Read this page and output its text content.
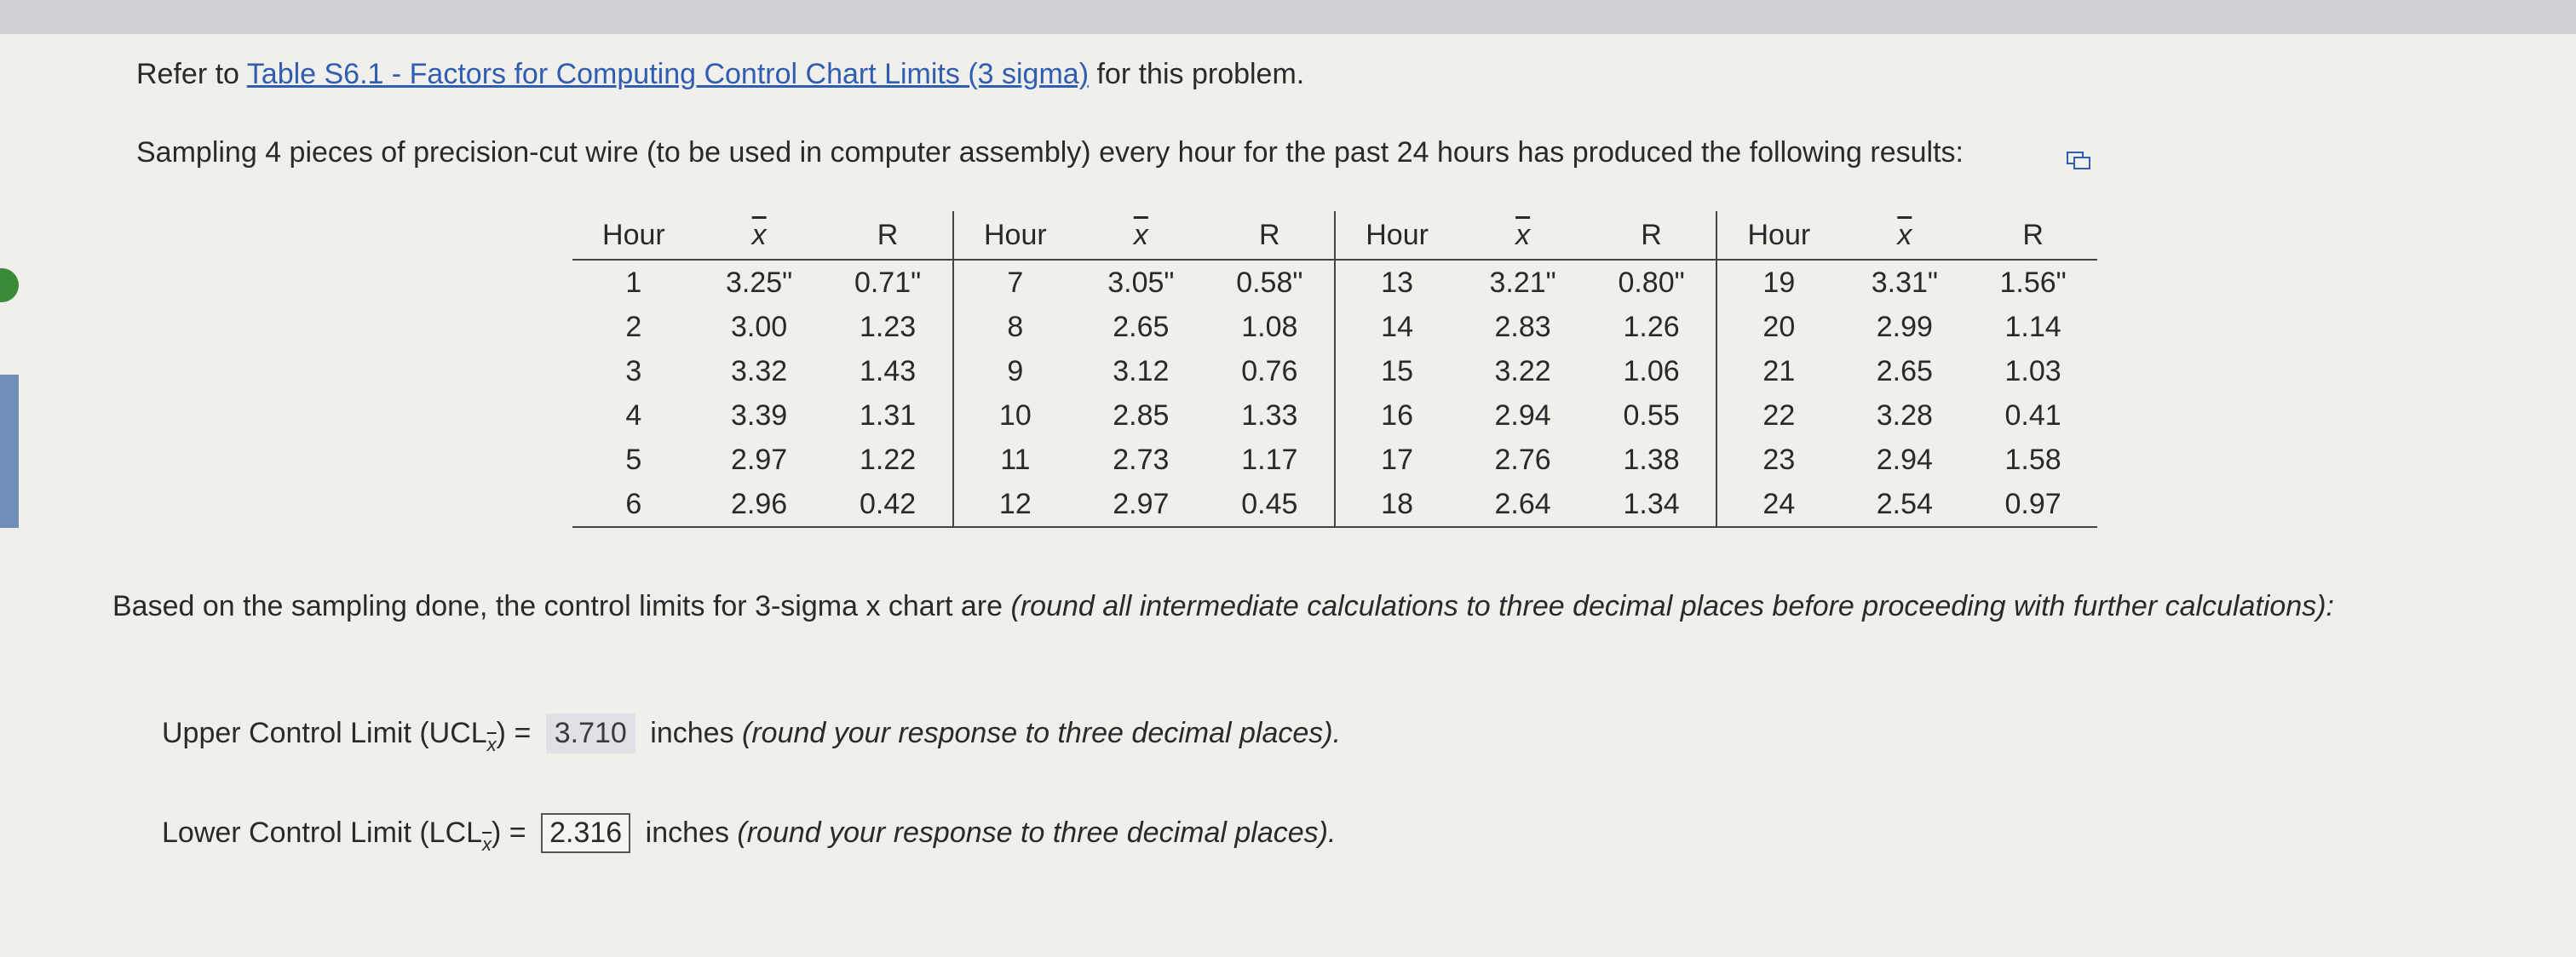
Refer to Table S6.1 - Factors for Computing Control Chart Limits (3 sigma) for this problem.
Sampling 4 pieces of precision-cut wire (to be used in computer assembly) every hour for the past 24 hours has produced the following results:
Hour	$\overline{x}$	R	Hour	$\overline{x}$	R	Hour	$\overline{x}$	R	Hour	$\overline{x}$	R
1	3.25"	0.71"	7	3.05"	0.58"	13	3.21"	0.80"	19	3.31"	1.56"
2	3.00	1.23	8	2.65	1.08	14	2.83	1.26	20	2.99	1.14
3	3.32	1.43	9	3.12	0.76	15	3.22	1.06	21	2.65	1.03
4	3.39	1.31	10	2.85	1.33	16	2.94	0.55	22	3.28	0.41
5	2.97	1.22	11	2.73	1.17	17	2.76	1.38	23	2.94	1.58
6	2.96	0.42	12	2.97	0.45	18	2.64	1.34	24	2.54	0.97
Based on the sampling done, the control limits for 3-sigma x chart are (round all intermediate calculations to three decimal places before proceeding with further calculations):
Upper Control Limit $(UCL_{\overline{x}}) = 3.710$ inches (round your response to three decimal places).
Lower Control Limit $(LCL_{\overline{x}}) = 2.316$ inches (round your response to three decimal places).
